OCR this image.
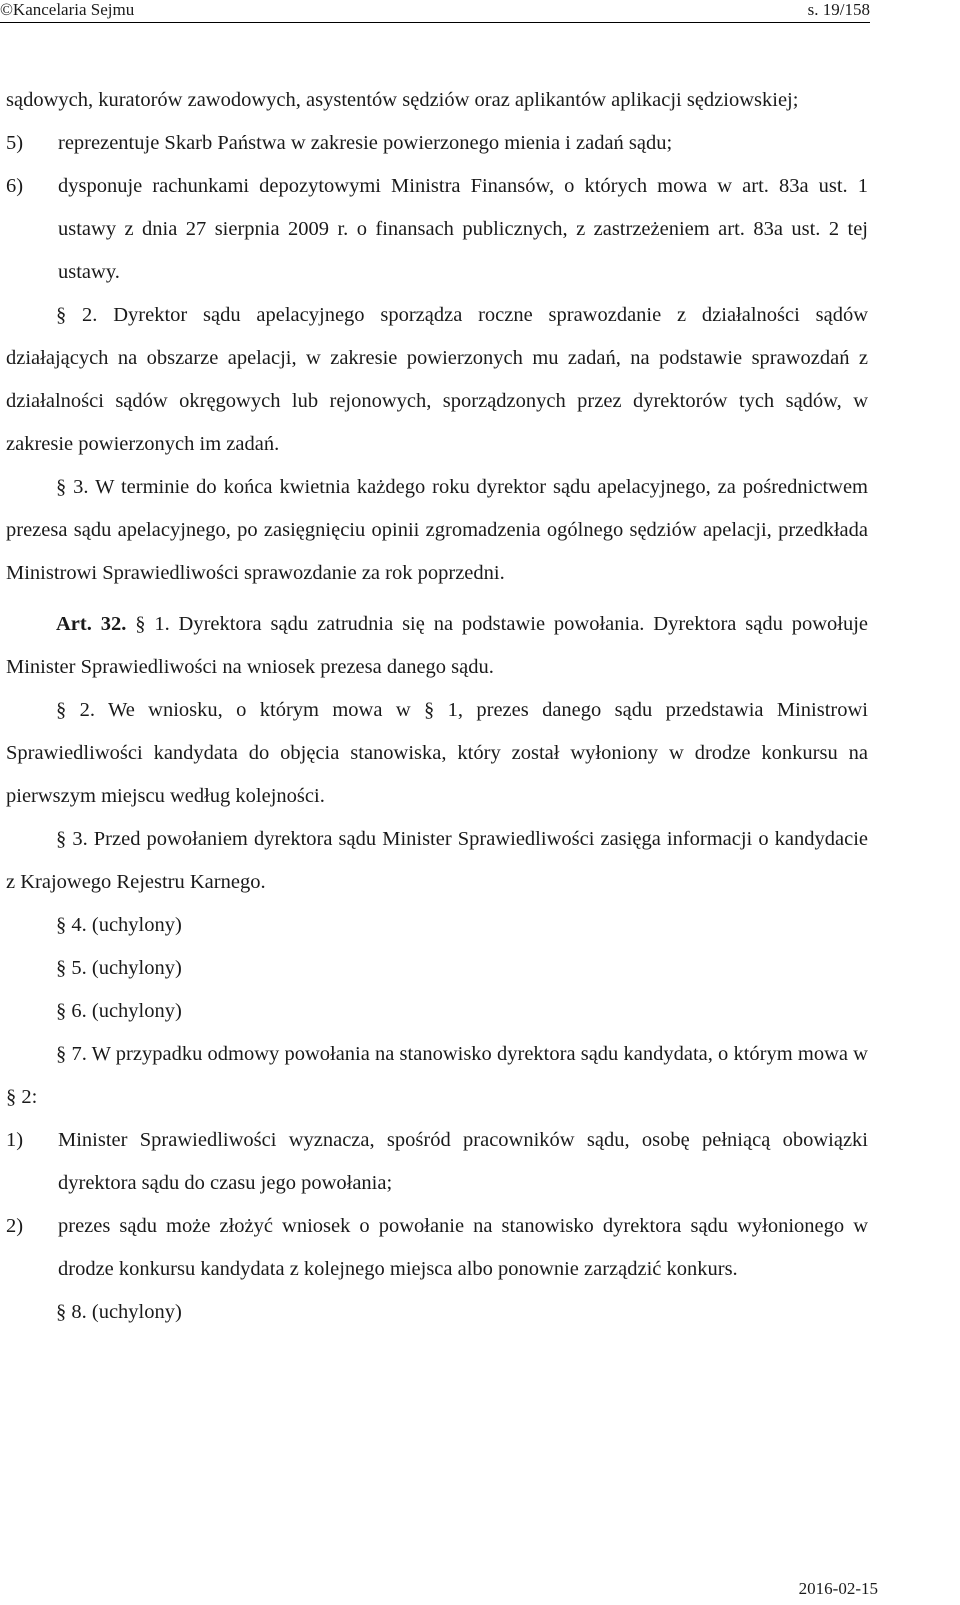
©Kancelaria Sejmu	s. 19/158

sądowych, kuratorów zawodowych, asystentów sędziów oraz aplikantów aplikacji sędziowskiej;

5) reprezentuje Skarb Państwa w zakresie powierzonego mienia i zadań sądu;

6) dysponuje rachunkami depozytowymi Ministra Finansów, o których mowa w art. 83a ust. 1 ustawy z dnia 27 sierpnia 2009 r. o finansach publicznych, z zastrzeżeniem art. 83a ust. 2 tej ustawy.

§ 2. Dyrektor sądu apelacyjnego sporządza roczne sprawozdanie z działalności sądów działających na obszarze apelacji, w zakresie powierzonych mu zadań, na podstawie sprawozdań z działalności sądów okręgowych lub rejonowych, sporządzonych przez dyrektorów tych sądów, w zakresie powierzonych im zadań.

§ 3. W terminie do końca kwietnia każdego roku dyrektor sądu apelacyjnego, za pośrednictwem prezesa sądu apelacyjnego, po zasięgnięciu opinii zgromadzenia ogólnego sędziów apelacji, przedkłada Ministrowi Sprawiedliwości sprawozdanie za rok poprzedni.

Art. 32. § 1. Dyrektora sądu zatrudnia się na podstawie powołania. Dyrektora sądu powołuje Minister Sprawiedliwości na wniosek prezesa danego sądu.

§ 2. We wniosku, o którym mowa w § 1, prezes danego sądu przedstawia Ministrowi Sprawiedliwości kandydata do objęcia stanowiska, który został wyłoniony w drodze konkursu na pierwszym miejscu według kolejności.

§ 3. Przed powołaniem dyrektora sądu Minister Sprawiedliwości zasięga informacji o kandydacie z Krajowego Rejestru Karnego.

§ 4. (uchylony)

§ 5. (uchylony)

§ 6. (uchylony)

§ 7. W przypadku odmowy powołania na stanowisko dyrektora sądu kandydata, o którym mowa w § 2:

1) Minister Sprawiedliwości wyznacza, spośród pracowników sądu, osobę pełniącą obowiązki dyrektora sądu do czasu jego powołania;

2) prezes sądu może złożyć wniosek o powołanie na stanowisko dyrektora sądu wyłonionego w drodze konkursu kandydata z kolejnego miejsca albo ponownie zarządzić konkurs.

§ 8. (uchylony)

2016-02-15
